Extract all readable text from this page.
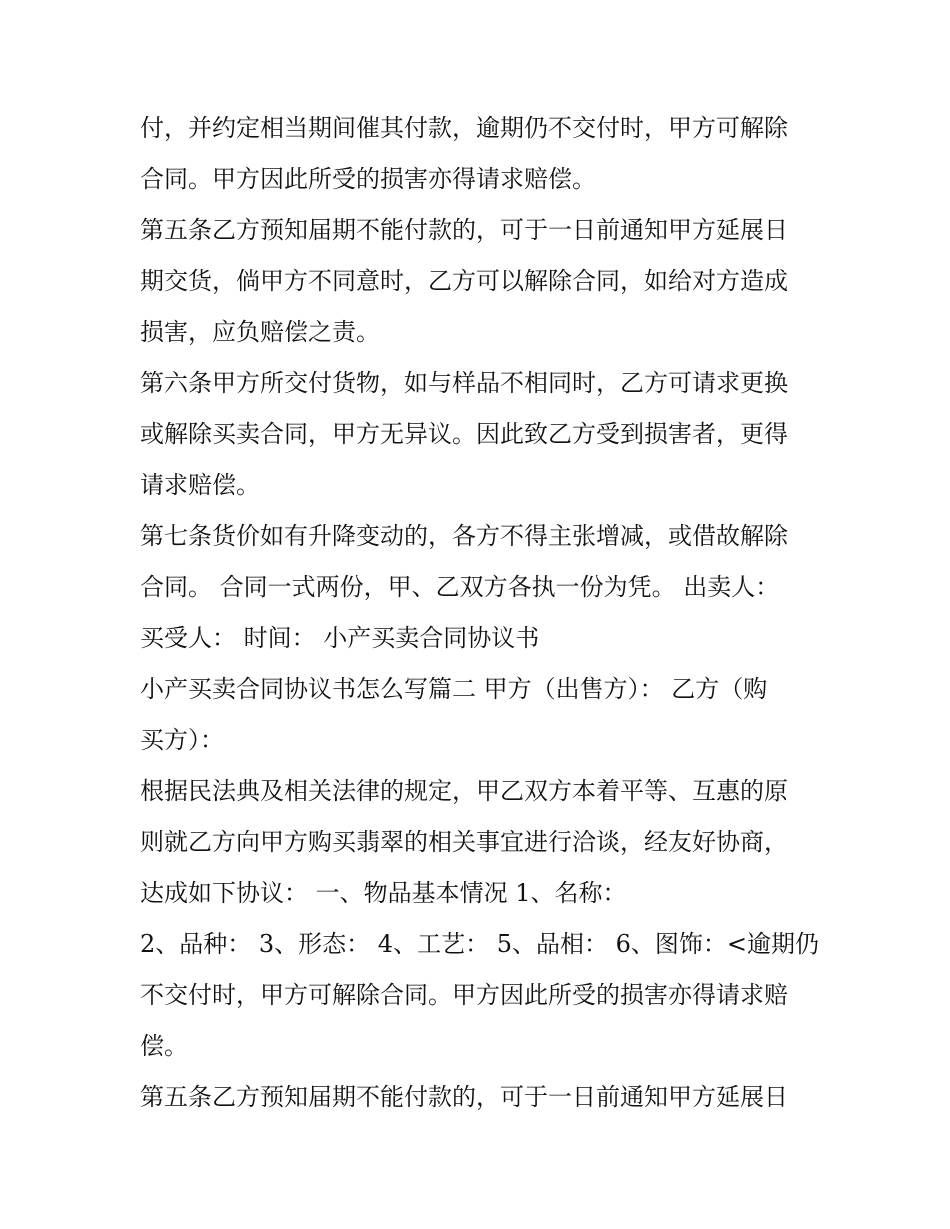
付，并约定相当期间催其付款，逾期仍不交付时，甲方可解除
合同。甲方因此所受的损害亦得请求赔偿。
第五条乙方预知届期不能付款的，可于一日前通知甲方延展日
期交货，倘甲方不同意时，乙方可以解除合同，如给对方造成
损害，应负赔偿之责。
第六条甲方所交付货物，如与样品不相同时，乙方可请求更换
或解除买卖合同，甲方无异议。因此致乙方受到损害者，更得
请求赔偿。
第七条货价如有升降变动的，各方不得主张增减，或借故解除
合同。 合同一式两份，甲、乙双方各执一份为凭。 出卖人：
买受人： 时间： 小产买卖合同协议书
小产买卖合同协议书怎么写篇二 甲方（出售方）： 乙方（购
买方）：
根据民法典及相关法律的规定，甲乙双方本着平等、互惠的原
则就乙方向甲方购买翡翠的相关事宜进行洽谈，经友好协商，
达成如下协议： 一、物品基本情况 1、名称：
2、品种： 3、形态： 4、工艺： 5、品相： 6、图饰：<逾期仍
不交付时，甲方可解除合同。甲方因此所受的损害亦得请求赔
偿。
第五条乙方预知届期不能付款的，可于一日前通知甲方延展日
